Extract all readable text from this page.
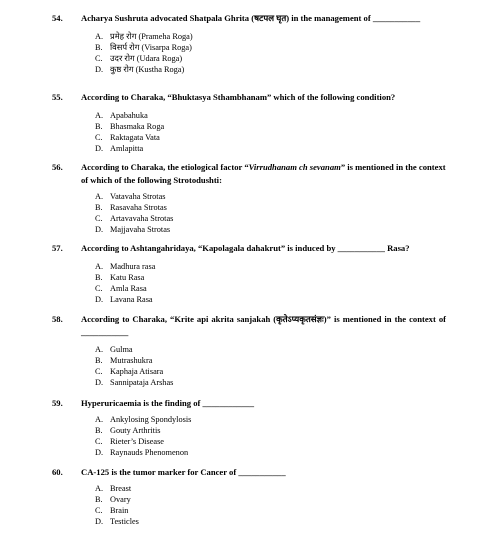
54. Acharya Sushruta advocated Shatpala Ghrita (षटपल घृत) in the management of ___________
A. प्रमेह रोग (Prameha Roga)
B. विसर्प रोग (Visarpa Roga)
C. उदर रोग (Udara Roga)
D. कुष्ठ रोग (Kustha Roga)
55. According to Charaka, “Bhuktasya Sthambhanam” which of the following condition?
A. Apabahuka
B. Bhasmaka Roga
C. Raktagata Vata
D. Amlapitta
56. According to Charaka, the etiological factor “Virrudhanam ch sevanam” is mentioned in the context of which of the following Strotodushti:
A. Vatavaha Strotas
B. Rasavaha Strotas
C. Artavavaha Strotas
D. Majjavaha Strotas
57. According to Ashtangahridaya, “Kapolagala dahakrut” is induced by ___________ Rasa?
A. Madhura rasa
B. Katu Rasa
C. Amla Rasa
D. Lavana Rasa
58. According to Charaka, “Krite api akrita sanjakah (कृतेऽप्यकृतसंज्ञः)” is mentioned in the context of ___________
A. Gulma
B. Mutrashukra
C. Kaphaja Atisara
D. Sannipataja Arshas
59. Hyperuricaemia is the finding of ____________
A. Ankylosing Spondylosis
B. Gouty Arthritis
C. Rieter’s Disease
D. Raynauds Phenomenon
60. CA-125 is the tumor marker for Cancer of ___________
A. Breast
B. Ovary
C. Brain
D. Testicles
